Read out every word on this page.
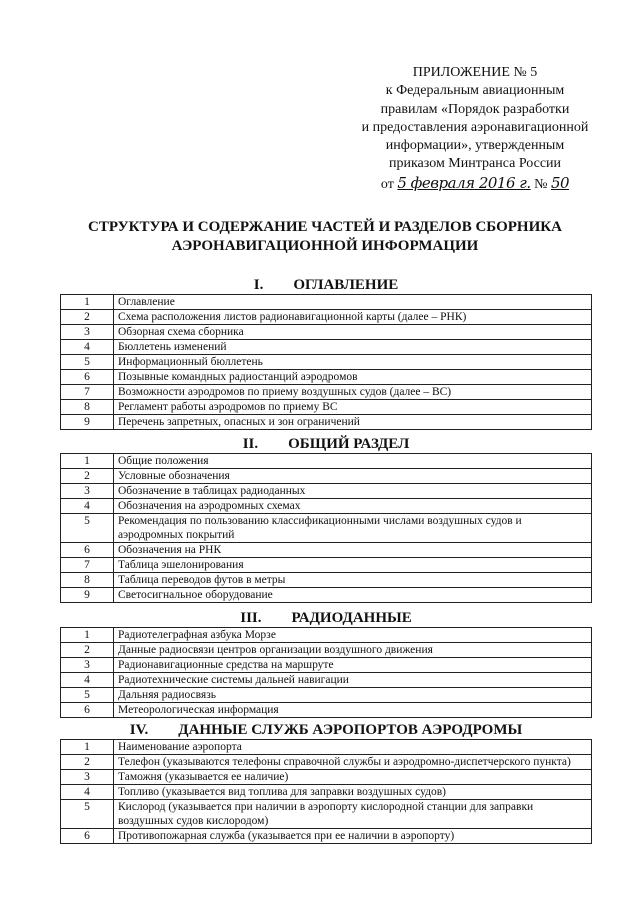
ПРИЛОЖЕНИЕ № 5
к Федеральным авиационным
правилам «Порядок разработки
и предоставления аэронавигационной
информации», утвержденным
приказом Минтранса России
от 5 февраля 2016 г. № 50
СТРУКТУРА И СОДЕРЖАНИЕ ЧАСТЕЙ И РАЗДЕЛОВ СБОРНИКА
АЭРОНАВИГАЦИОННОЙ ИНФОРМАЦИИ
I. ОГЛАВЛЕНИЕ
1	Оглавление
2	Схема расположения листов радионавигационной карты (далее – РНК)
3	Обзорная схема сборника
4	Бюллетень изменений
5	Информационный бюллетень
6	Позывные командных радиостанций аэродромов
7	Возможности аэродромов по приему воздушных судов (далее – ВС)
8	Регламент работы аэродромов по приему ВС
9	Перечень запретных, опасных и зон ограничений
II. ОБЩИЙ РАЗДЕЛ
1	Общие положения
2	Условные обозначения
3	Обозначение в таблицах радиоданных
4	Обозначения на аэродромных схемах
5	Рекомендация по пользованию классификационными числами воздушных судов и аэродромных покрытий
6	Обозначения на РНК
7	Таблица эшелонирования
8	Таблица переводов футов в метры
9	Светосигнальное оборудование
III. РАДИОДАННЫЕ
1	Радиотелеграфная азбука Морзе
2	Данные радиосвязи центров организации воздушного движения
3	Радионавигационные средства на маршруте
4	Радиотехнические системы дальней навигации
5	Дальняя радиосвязь
6	Метеорологическая информация
IV. ДАННЫЕ СЛУЖБ АЭРОПОРТОВ АЭРОДРОМЫ
1	Наименование аэропорта
2	Телефон (указываются телефоны справочной службы и аэродромно-диспетчерского пункта)
3	Таможня (указывается ее наличие)
4	Топливо (указывается вид топлива для заправки воздушных судов)
5	Кислород (указывается при наличии в аэропорту кислородной станции для заправки воздушных судов кислородом)
6	Противопожарная служба (указывается при ее наличии в аэропорту)
